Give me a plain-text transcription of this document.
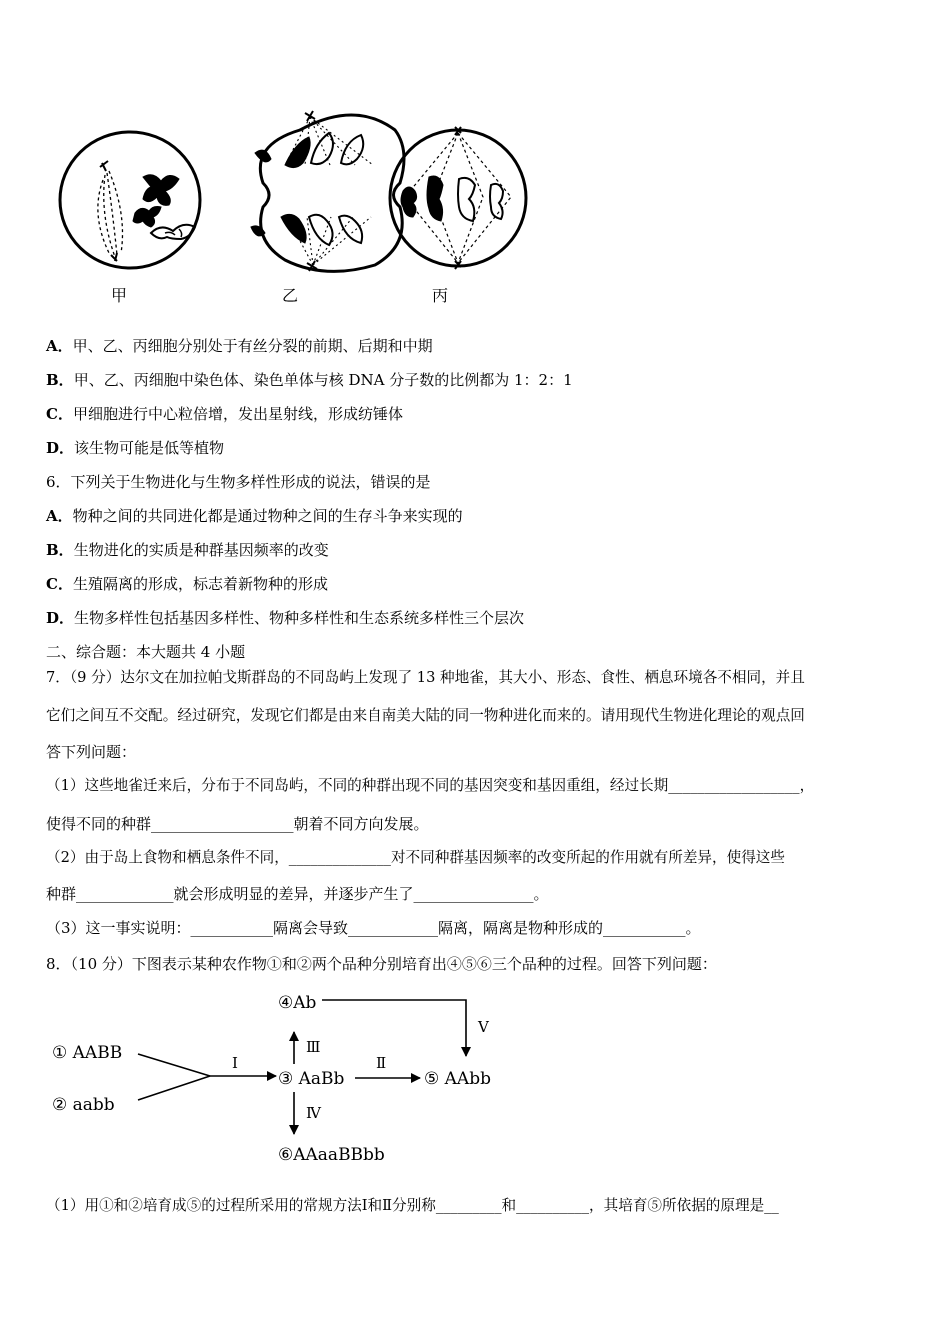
甲	乙	丙
A．甲、乙、丙细胞分别处于有丝分裂的前期、后期和中期
B．甲、乙、丙细胞中染色体、染色单体与核 DNA 分子数的比例都为 1：2：1
C．甲细胞进行中心粒倍增，发出星射线，形成纺锤体
D．该生物可能是低等植物
6．下列关于生物进化与生物多样性形成的说法，错误的是
A．物种之间的共同进化都是通过物种之间的生存斗争来实现的
B．生物进化的实质是种群基因频率的改变
C．生殖隔离的形成，标志着新物种的形成
D．生物多样性包括基因多样性、物种多样性和生态系统多样性三个层次
二、综合题：本大题共 4 小题
7．（9 分）达尔文在加拉帕戈斯群岛的不同岛屿上发现了 13 种地雀，其大小、形态、食性、栖息环境各不相同，并且
它们之间互不交配。经过研究，发现它们都是由来自南美大陆的同一物种进化而来的。请用现代生物进化理论的观点回
答下列问题：
（1）这些地雀迁来后，分布于不同岛屿，不同的种群出现不同的基因突变和基因重组，经过长期__________________，
使得不同的种群___________________朝着不同方向发展。
（2）由于岛上食物和栖息条件不同，______________对不同种群基因频率的改变所起的作用就有所差异，使得这些
种群_____________就会形成明显的差异，并逐步产生了________________。
（3）这一事实说明：___________隔离会导致____________隔离，隔离是物种形成的___________。
8．（10 分）下图表示某种农作物①和②两个品种分别培育出④⑤⑥三个品种的过程。回答下列问题：
① AABB
② aabb
③ AaBb
④Ab
⑤ AAbb
⑥AAaaBBbb
Ⅰ	Ⅱ
Ⅲ
Ⅳ
Ⅴ
（1）用①和②培育成⑤的过程所采用的常规方法Ⅰ和Ⅱ分别称_________和__________，其培育⑤所依据的原理是__
